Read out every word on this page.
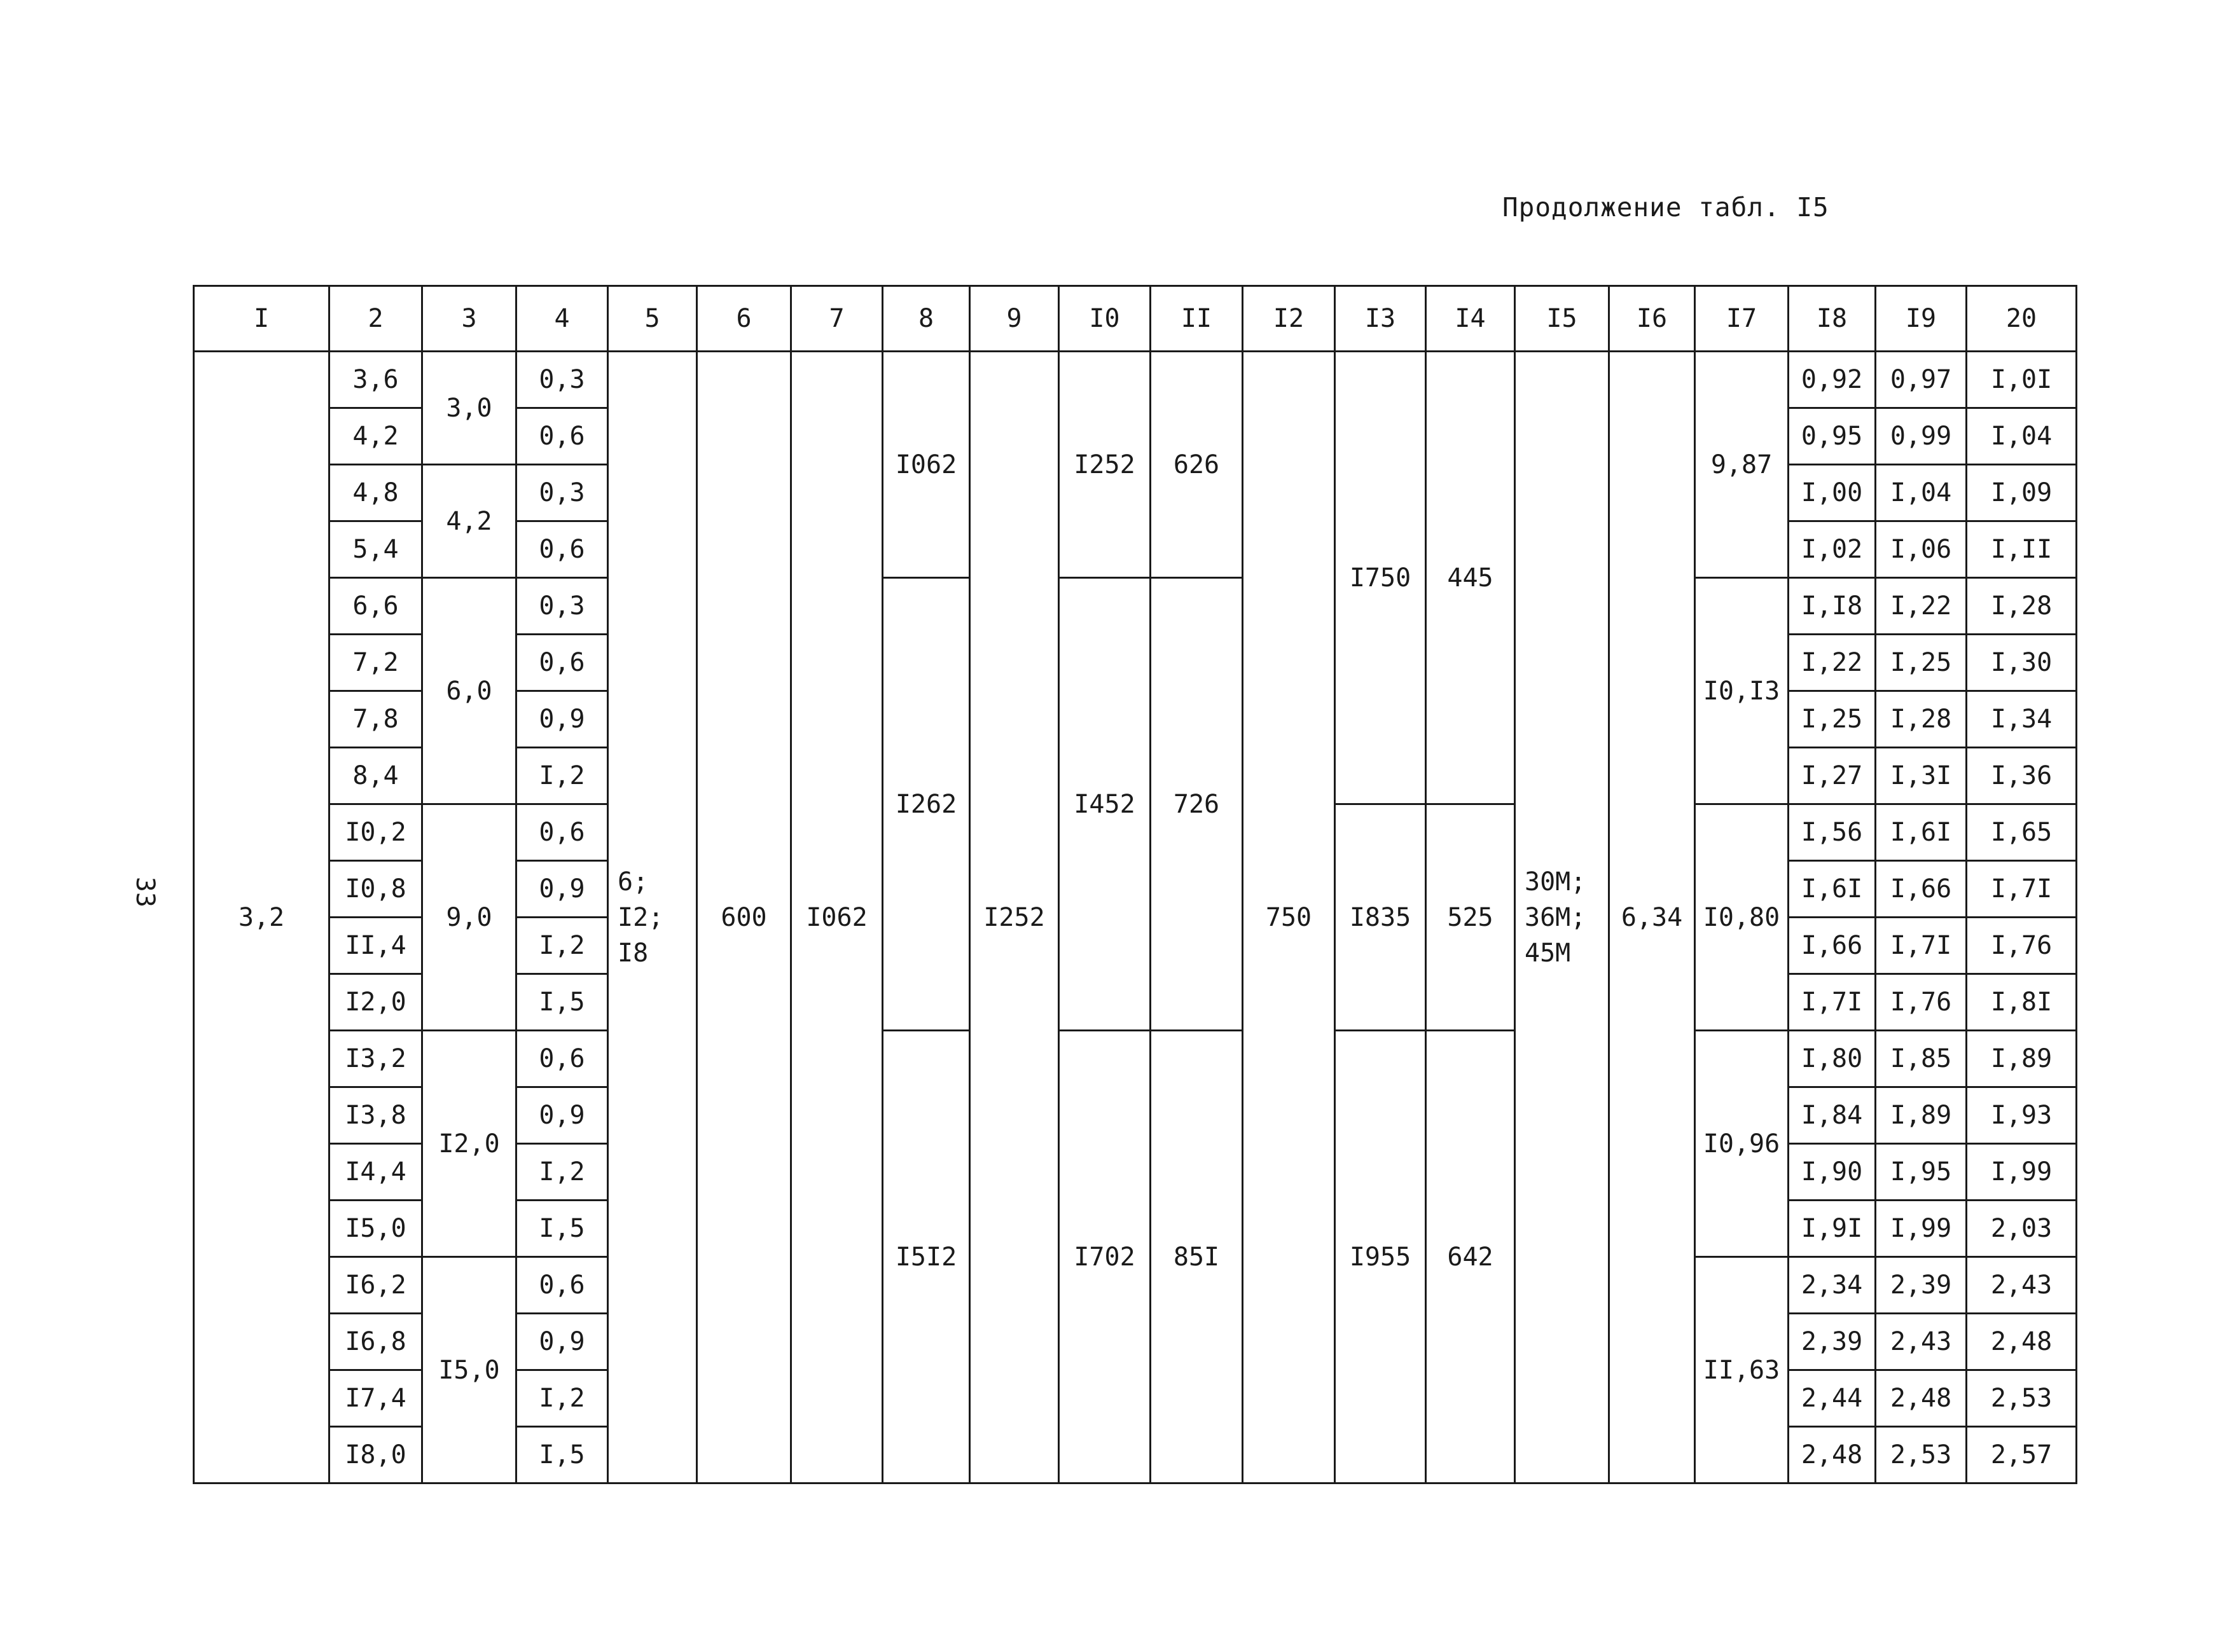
Продолжение табл. I5
33
I	2	3	4	5	6	7	8	9	I0	II	I2	I3	I4	I5	I6	I7	I8	I9	20
3,2	3,6	3,0	0,3	6;
I2;
I8	600	I062	I062	I252	I252	626	750	I750	445	30М;
36М;
45М	6,34	9,87	0,92	0,97	I,0I
	4,2		0,6														0,95	0,99	I,04
	4,8	4,2	0,3														I,00	I,04	I,09
	5,4		0,6														I,02	I,06	I,II
	6,6	6,0	0,3				I262		I452	726						I0,I3	I,I8	I,22	I,28
	7,2		0,6														I,22	I,25	I,30
	7,8		0,9														I,25	I,28	I,34
	8,4		I,2														I,27	I,3I	I,36
	I0,2	9,0	0,6									I835	525			I0,80	I,56	I,6I	I,65
	I0,8		0,9														I,6I	I,66	I,7I
	II,4		I,2														I,66	I,7I	I,76
	I2,0		I,5														I,7I	I,76	I,8I
	I3,2	I2,0	0,6				I5I2		I702	85I		I955	642			I0,96	I,80	I,85	I,89
	I3,8		0,9														I,84	I,89	I,93
	I4,4		I,2														I,90	I,95	I,99
	I5,0		I,5														I,9I	I,99	2,03
	I6,2	I5,0	0,6													II,63	2,34	2,39	2,43
	I6,8		0,9														2,39	2,43	2,48
	I7,4		I,2														2,44	2,48	2,53
	I8,0		I,5														2,48	2,53	2,57
